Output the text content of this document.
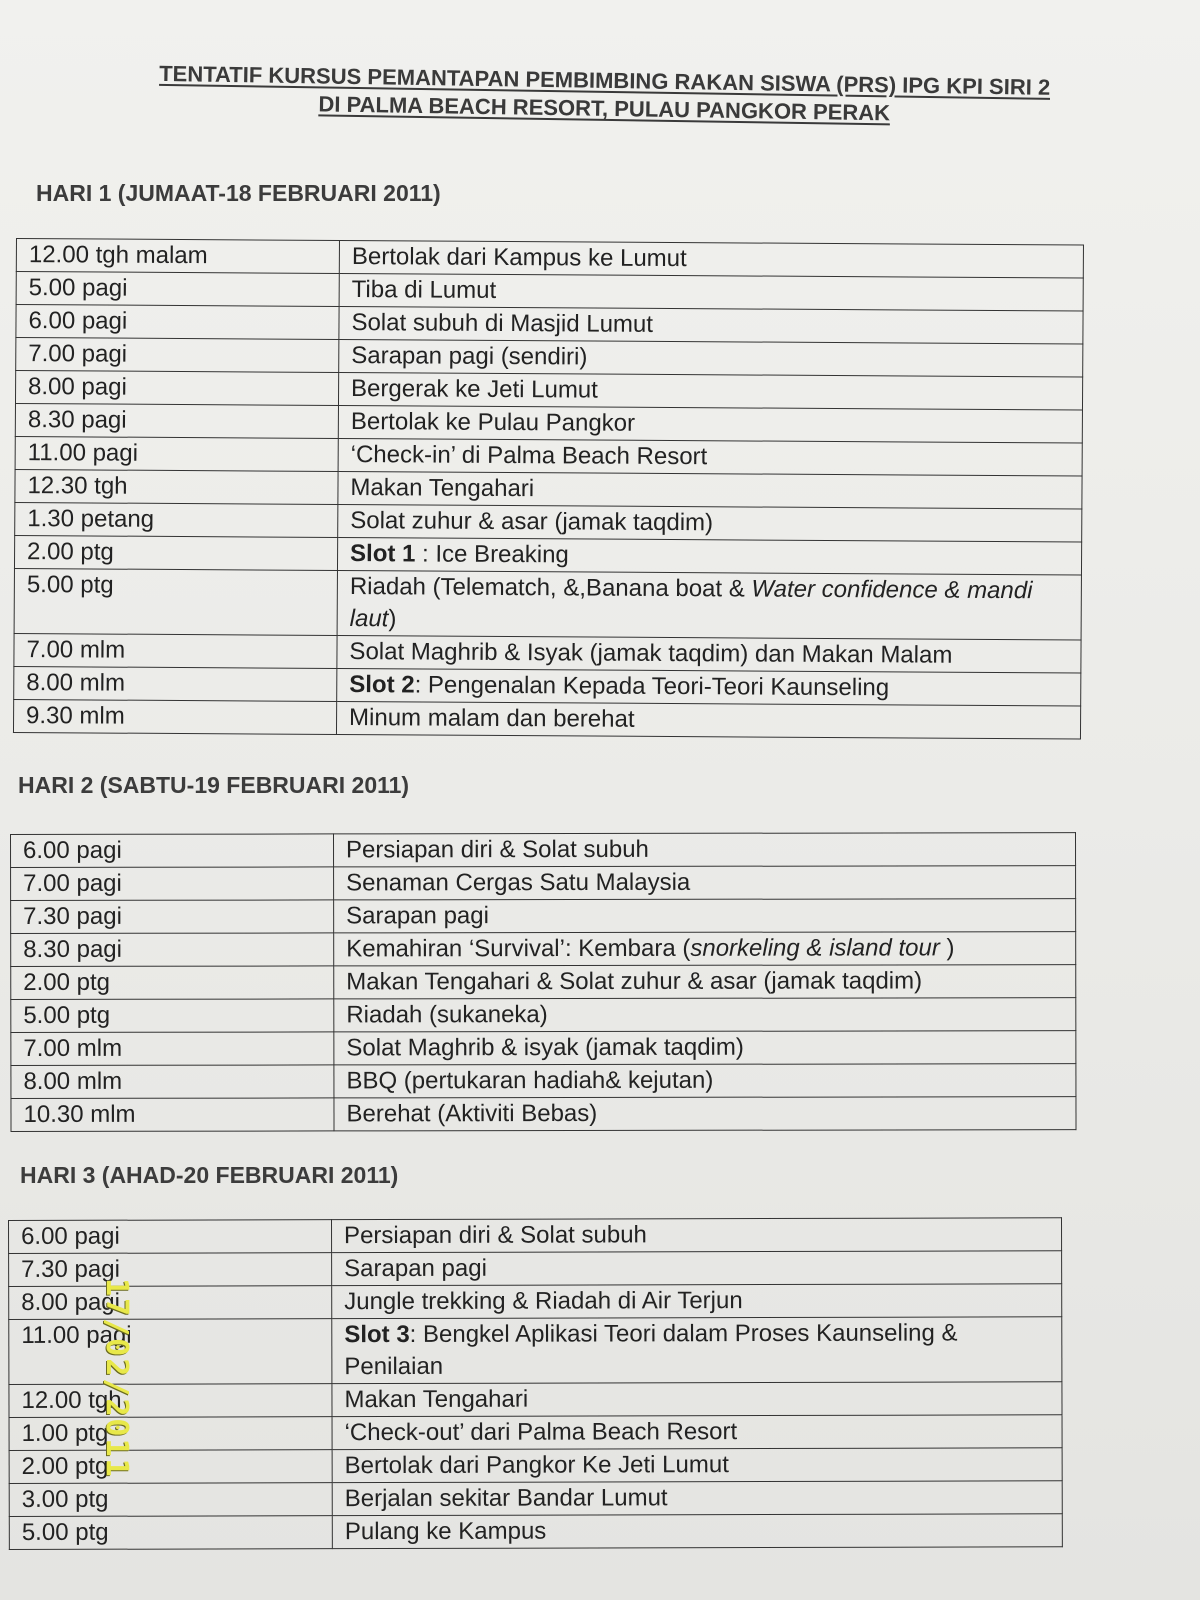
TENTATIF KURSUS PEMANTAPAN PEMBIMBING RAKAN SISWA (PRS) IPG KPI SIRI 2
DI PALMA BEACH RESORT, PULAU PANGKOR PERAK
HARI 1 (JUMAAT-18 FEBRUARI 2011)
12.00 tgh malam	Bertolak dari Kampus ke Lumut
5.00 pagi	Tiba di Lumut
6.00 pagi	Solat subuh di Masjid Lumut
7.00 pagi	Sarapan pagi (sendiri)
8.00 pagi	Bergerak ke Jeti Lumut
8.30 pagi	Bertolak ke Pulau Pangkor
11.00 pagi	‘Check-in’ di Palma Beach Resort
12.30 tgh	Makan Tengahari
1.30 petang	Solat zuhur & asar (jamak taqdim)
2.00 ptg	Slot 1 : Ice Breaking
5.00 ptg	Riadah (Telematch, &,Banana boat & Water confidence & mandi laut)
7.00 mlm	Solat Maghrib & Isyak (jamak taqdim) dan Makan Malam
8.00 mlm	Slot 2: Pengenalan Kepada Teori-Teori Kaunseling
9.30 mlm	Minum malam dan berehat
HARI 2 (SABTU-19 FEBRUARI 2011)
6.00 pagi	Persiapan diri & Solat subuh
7.00 pagi	Senaman Cergas Satu Malaysia
7.30 pagi	Sarapan pagi
8.30 pagi	Kemahiran ‘Survival’: Kembara (snorkeling & island tour )
2.00 ptg	Makan Tengahari & Solat zuhur & asar (jamak taqdim)
5.00 ptg	Riadah (sukaneka)
7.00 mlm	Solat Maghrib & isyak (jamak taqdim)
8.00 mlm	BBQ (pertukaran hadiah& kejutan)
10.30 mlm	Berehat (Aktiviti Bebas)
HARI 3 (AHAD-20 FEBRUARI 2011)
6.00 pagi	Persiapan diri & Solat subuh
7.30 pagi	Sarapan pagi
8.00 pagi	Jungle trekking & Riadah di Air Terjun
11.00 pagi	Slot 3: Bengkel Aplikasi Teori dalam Proses Kaunseling & Penilaian
12.00 tgh	Makan Tengahari
1.00 ptg	‘Check-out’ dari Palma Beach Resort
2.00 ptg	Bertolak dari Pangkor Ke Jeti Lumut
3.00 ptg	Berjalan sekitar Bandar Lumut
5.00 ptg	Pulang ke Kampus
17/02/2011
